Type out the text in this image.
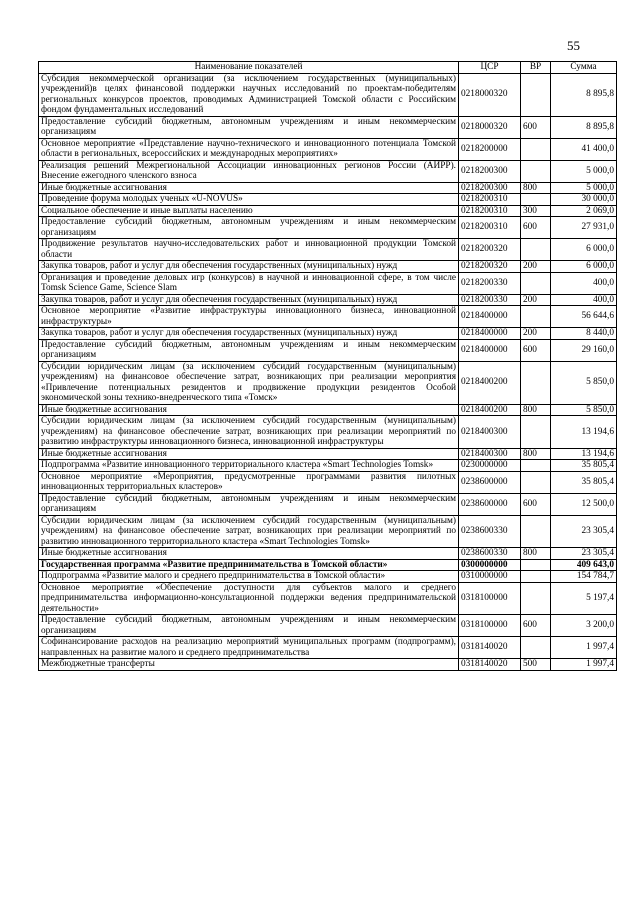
55
Наименование показателей	ЦСР	ВР	Сумма
Субсидия некоммерческой организации (за исключением государственных (муниципальных) учреждений)в целях финансовой поддержки научных исследований по проектам-победителям региональных конкурсов проектов, проводимых Администрацией Томской области с Российским фондом фундаментальных исследований	0218000320		8 895,8
Предоставление субсидий бюджетным, автономным учреждениям и иным некоммерческим организациям	0218000320	600	8 895,8
Основное мероприятие «Представление научно-технического и инновационного потенциала Томской области в региональных, всероссийских и международных мероприятиях»	0218200000		41 400,0
Реализация решений Межрегиональной Ассоциации инновационных регионов России (АИРР). Внесение ежегодного членского взноса	0218200300		5 000,0
Иные бюджетные ассигнования	0218200300	800	5 000,0
Проведение форума молодых ученых «U-NOVUS»	0218200310		30 000,0
Социальное обеспечение и иные выплаты населению	0218200310	300	2 069,0
Предоставление субсидий бюджетным, автономным учреждениям и иным некоммерческим организациям	0218200310	600	27 931,0
Продвижение результатов научно-исследовательских работ и инновационной продукции Томской области	0218200320		6 000,0
Закупка товаров, работ и услуг для обеспечения государственных (муниципальных) нужд	0218200320	200	6 000,0
Организация и проведение деловых игр (конкурсов) в научной и инновационной сфере, в том числе Tomsk Science Game, Science Slam	0218200330		400,0
Закупка товаров, работ и услуг для обеспечения государственных (муниципальных) нужд	0218200330	200	400,0
Основное мероприятие «Развитие инфраструктуры инновационного бизнеса, инновационной инфраструктуры»	0218400000		56 644,6
Закупка товаров, работ и услуг для обеспечения государственных (муниципальных) нужд	0218400000	200	8 440,0
Предоставление субсидий бюджетным, автономным учреждениям и иным некоммерческим организациям	0218400000	600	29 160,0
Субсидии юридическим лицам (за исключением субсидий государственным (муниципальным) учреждениям) на финансовое обеспечение затрат, возникающих при реализации мероприятия «Привлечение потенциальных резидентов и продвижение продукции резидентов Особой экономической зоны технико-внедренческого типа «Томск»	0218400200		5 850,0
Иные бюджетные ассигнования	0218400200	800	5 850,0
Субсидии юридическим лицам (за исключением субсидий государственным (муниципальным) учреждениям) на финансовое обеспечение затрат, возникающих при реализации мероприятий по развитию инфраструктуры инновационного бизнеса, инновационной инфраструктуры	0218400300		13 194,6
Иные бюджетные ассигнования	0218400300	800	13 194,6
Подпрограмма «Развитие инновационного территориального кластера «Smart Technologies Tomsk»	0230000000		35 805,4
Основное мероприятие «Мероприятия, предусмотренные программами развития пилотных инновационных территориальных кластеров»	0238600000		35 805,4
Предоставление субсидий бюджетным, автономным учреждениям и иным некоммерческим организациям	0238600000	600	12 500,0
Субсидии юридическим лицам (за исключением субсидий государственным (муниципальным) учреждениям) на финансовое обеспечение затрат, возникающих при реализации мероприятий по развитию инновационного территориального кластера «Smart Technologies Tomsk»	0238600330		23 305,4
Иные бюджетные ассигнования	0238600330	800	23 305,4
Государственная программа «Развитие предпринимательства в Томской области»	0300000000		409 643,0
Подпрограмма «Развитие малого и среднего предпринимательства в Томской области»	0310000000		154 784,7
Основное мероприятие «Обеспечение доступности для субъектов малого и среднего предпринимательства информационно-консультационной поддержки ведения предпринимательской деятельности»	0318100000		5 197,4
Предоставление субсидий бюджетным, автономным учреждениям и иным некоммерческим организациям	0318100000	600	3 200,0
Софинансирование расходов на реализацию мероприятий муниципальных программ (подпрограмм), направленных на развитие малого и среднего предпринимательства	0318140020		1 997,4
Межбюджетные трансферты	0318140020	500	1 997,4
